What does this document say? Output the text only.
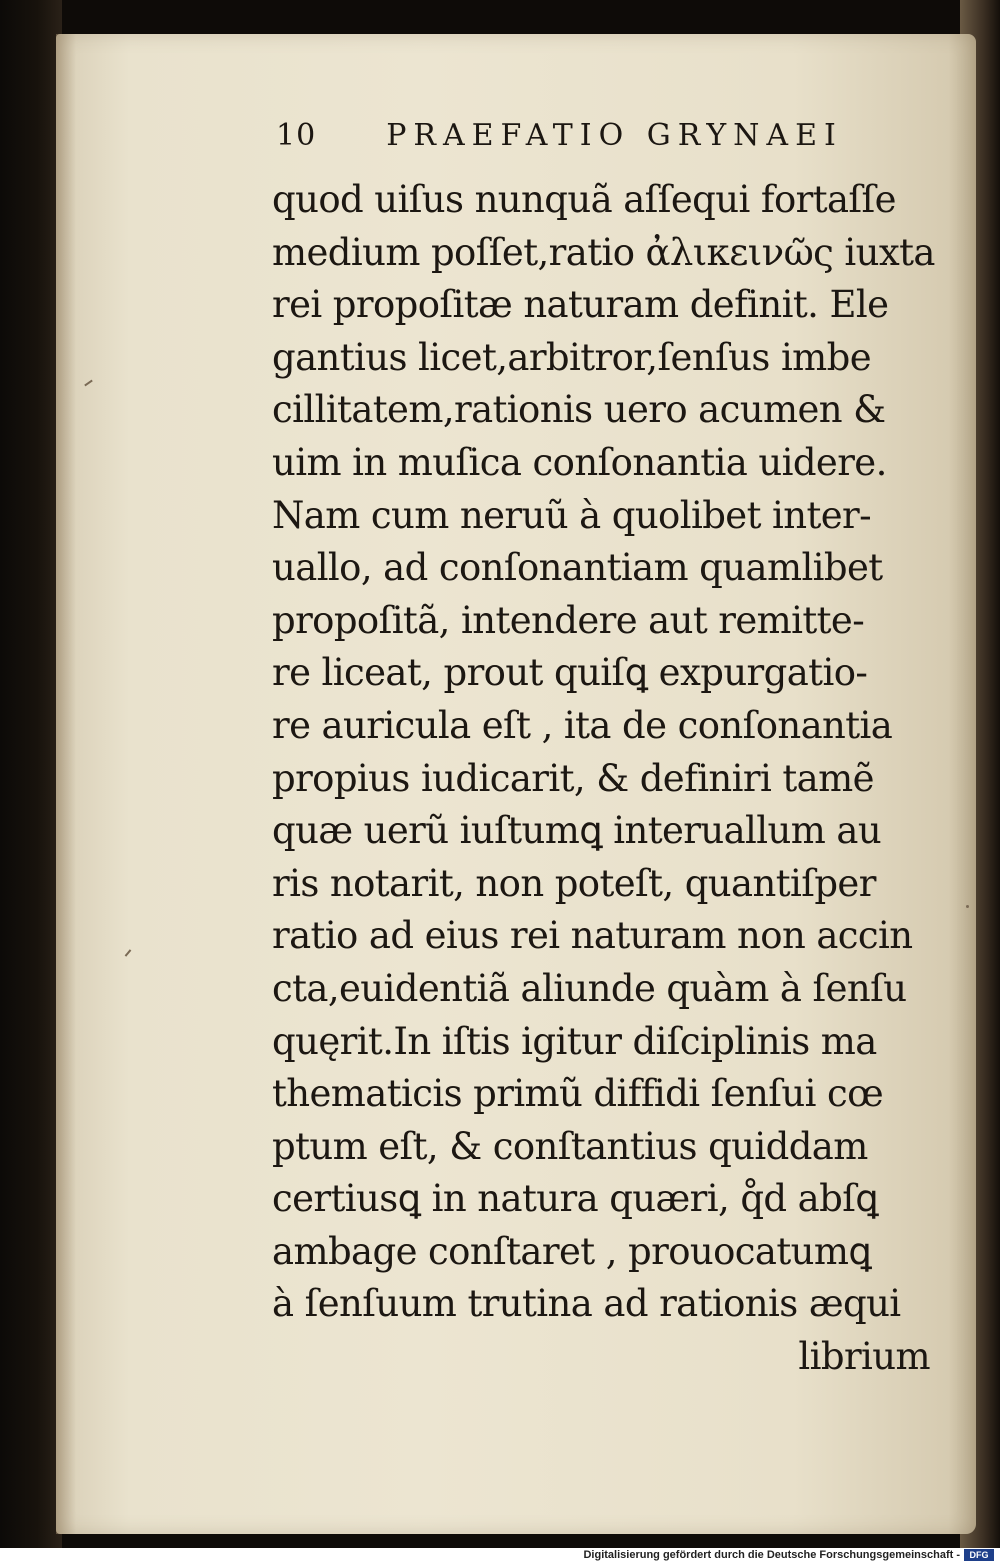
10 PRAEFATIO GRYNAEI
quod uiſus nunquã aſſequi fortaſſe
medium poſſet,ratio ἀλικεινῶς iuxta
rei propoſitæ naturam definit. Ele
gantius licet,arbitror,ſenſus imbe
cillitatem,rationis uero acumen &
uim in muſica conſonantia uidere.
Nam cum neruũ à quolibet inter-
uallo, ad conſonantiam quamlibet
propoſitã, intendere aut remitte-
re liceat, prout quiſꝗ expurgatio-
re auricula eſt , ita de conſonantia
propius iudicarit, & definiri tamẽ
quæ uerũ iuſtumꝗ interuallum au
ris notarit, non poteſt, quantiſper
ratio ad eius rei naturam non accin
cta,euidentiã aliunde quàm à ſenſu
quęrit.In iſtis igitur diſciplinis ma
thematicis primũ diffidi ſenſui cœ
ptum eſt, & conſtantius quiddam
certiusꝗ in natura quæri, q̊d abſꝗ
ambage conſtaret , prouocatumꝗ
à ſenſuum trutina ad rationis æqui
librium
Digitalisierung gefördert durch die Deutsche Forschungsgemeinschaft -	DFG
